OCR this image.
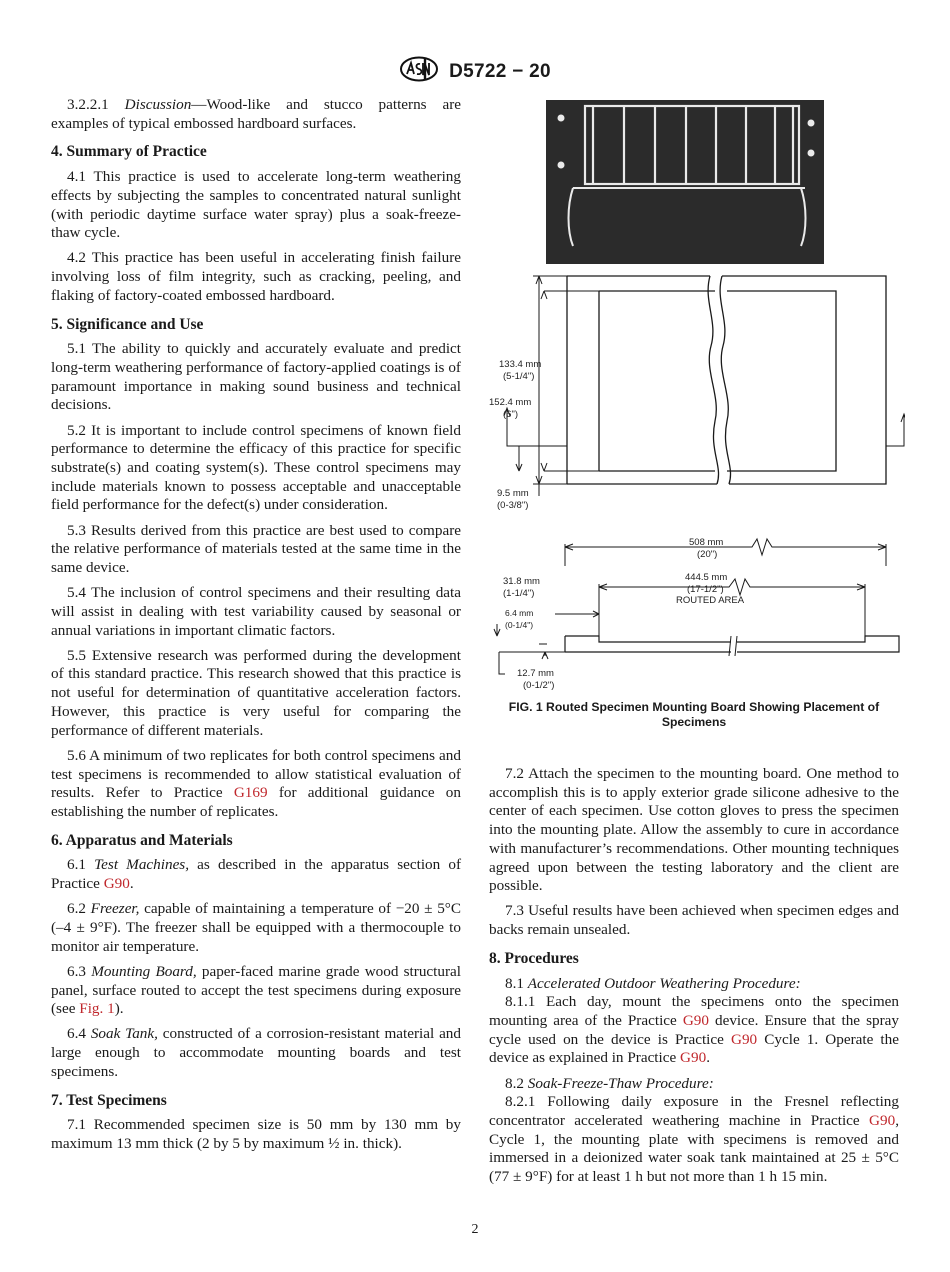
D5722 − 20

3.2.2.1 Discussion—Wood-like and stucco patterns are examples of typical embossed hardboard surfaces.

4. Summary of Practice

4.1 This practice is used to accelerate long-term weathering effects by subjecting the samples to concentrated natural sunlight (with periodic daytime surface water spray) plus a soak-freeze-thaw cycle.

4.2 This practice has been useful in accelerating finish failure involving loss of film integrity, such as cracking, peeling, and flaking of factory-coated embossed hardboard.

5. Significance and Use

5.1 The ability to quickly and accurately evaluate and predict long-term weathering performance of factory-applied coatings is of paramount importance in making sound business and technical decisions.

5.2 It is important to include control specimens of known field performance to determine the efficacy of this practice for specific substrate(s) and coating system(s). These control specimens may include materials known to possess acceptable and unacceptable field performance for the defect(s) under consideration.

5.3 Results derived from this practice are best used to compare the relative performance of materials tested at the same time in the same device.

5.4 The inclusion of control specimens and their resulting data will assist in dealing with test variability caused by seasonal or annual variations in important climatic factors.

5.5 Extensive research was performed during the development of this standard practice. This research showed that this practice is not useful for determination of quantitative acceleration factors. However, this practice is very useful for comparing the performance of different materials.

5.6 A minimum of two replicates for both control specimens and test specimens is recommended to allow statistical evaluation of results. Refer to Practice G169 for additional guidance on establishing the number of replicates.

6. Apparatus and Materials

6.1 Test Machines, as described in the apparatus section of Practice G90.

6.2 Freezer, capable of maintaining a temperature of −20 ± 5°C (–4 ± 9°F). The freezer shall be equipped with a thermocouple to monitor air temperature.

6.3 Mounting Board, paper-faced marine grade wood structural panel, surface routed to accept the test specimens during exposure (see Fig. 1).

6.4 Soak Tank, constructed of a corrosion-resistant material and large enough to accommodate mounting boards and test specimens.

7. Test Specimens

7.1 Recommended specimen size is 50 mm by 130 mm by maximum 13 mm thick (2 by 5 by maximum ½ in. thick).

133.4 mm
(5-1/4")
152.4 mm
(6")
9.5 mm
(0-3/8")
508 mm
(20")
444.5 mm
(17-1/2")
ROUTED AREA
31.8 mm
(1-1/4")
6.4 mm
(0-1/4")
12.7 mm
(0-1/2")
FIG. 1 Routed Specimen Mounting Board Showing Placement of Specimens

7.2 Attach the specimen to the mounting board. One method to accomplish this is to apply exterior grade silicone adhesive to the center of each specimen. Use cotton gloves to press the specimen into the mounting plate. Allow the assembly to cure in accordance with manufacturer’s recommendations. Other mounting techniques agreed upon between the testing laboratory and the client are possible.

7.3 Useful results have been achieved when specimen edges and backs remain unsealed.

8. Procedures

8.1 Accelerated Outdoor Weathering Procedure:

8.1.1 Each day, mount the specimens onto the specimen mounting area of the Practice G90 device. Ensure that the spray cycle used on the device is Practice G90 Cycle 1. Operate the device as explained in Practice G90.

8.2 Soak-Freeze-Thaw Procedure:

8.2.1 Following daily exposure in the Fresnel reflecting concentrator accelerated weathering machine in Practice G90, Cycle 1, the mounting plate with specimens is removed and immersed in a deionized water soak tank maintained at 25 ± 5°C (77 ± 9°F) for at least 1 h but not more than 1 h 15 min.

2
